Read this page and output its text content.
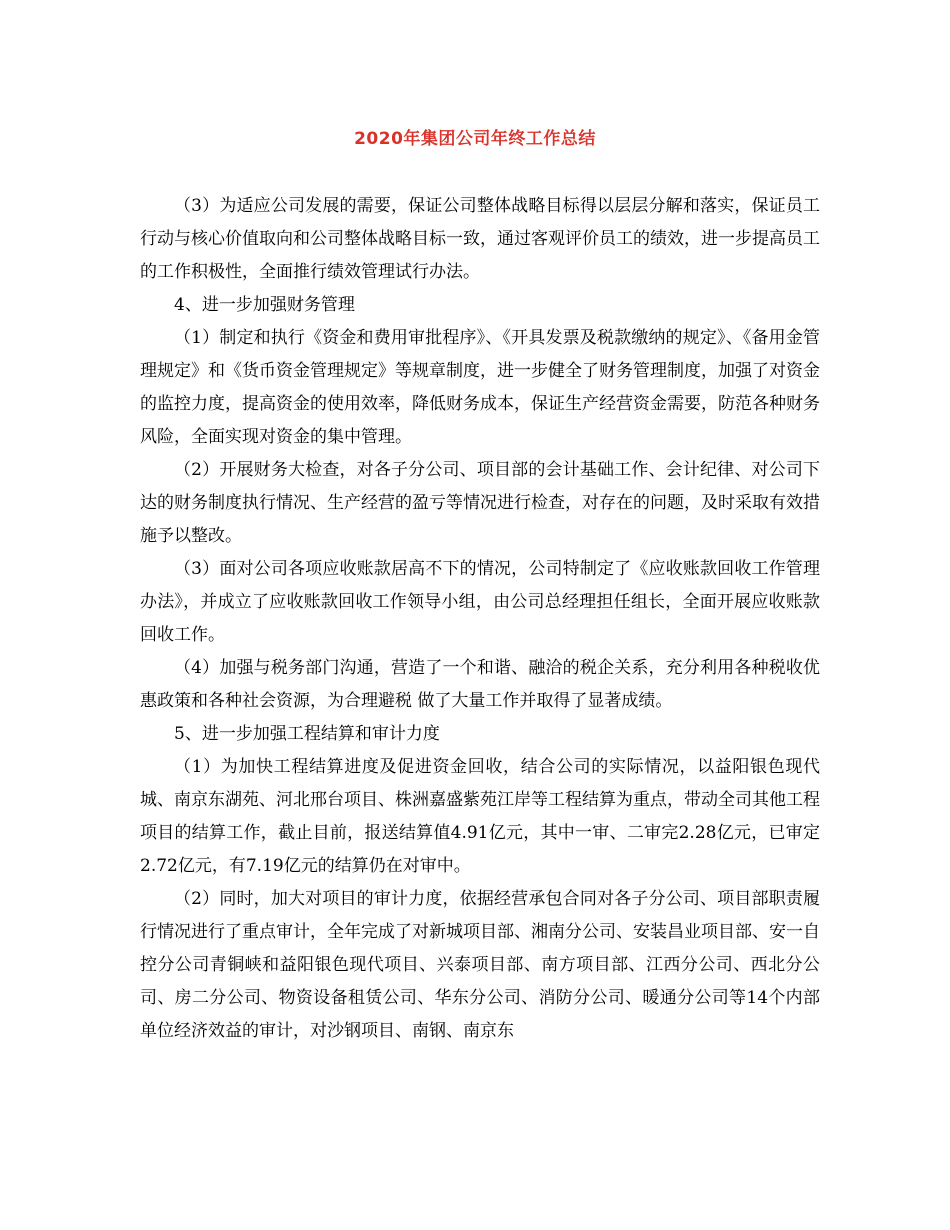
2020年集团公司年终工作总结

（3）为适应公司发展的需要，保证公司整体战略目标得以层层分解和落实，保证员工行动与核心价值取向和公司整体战略目标一致，通过客观评价员工的绩效，进一步提高员工的工作积极性，全面推行绩效管理试行办法。

4、进一步加强财务管理

（1）制定和执行《资金和费用审批程序》、《开具发票及税款缴纳的规定》、《备用金管理规定》和《货币资金管理规定》等规章制度，进一步健全了财务管理制度，加强了对资金的监控力度，提高资金的使用效率，降低财务成本，保证生产经营资金需要，防范各种财务风险，全面实现对资金的集中管理。

（2）开展财务大检查，对各子分公司、项目部的会计基础工作、会计纪律、对公司下达的财务制度执行情况、生产经营的盈亏等情况进行检查，对存在的问题，及时采取有效措施予以整改。

（3）面对公司各项应收账款居高不下的情况，公司特制定了《应收账款回收工作管理办法》，并成立了应收账款回收工作领导小组，由公司总经理担任组长，全面开展应收账款回收工作。

（4）加强与税务部门沟通，营造了一个和谐、融洽的税企关系，充分利用各种税收优惠政策和各种社会资源，为合理避税 做了大量工作并取得了显著成绩。

5、进一步加强工程结算和审计力度

（1）为加快工程结算进度及促进资金回收，结合公司的实际情况，以益阳银色现代城、南京东湖苑、河北邢台项目、株洲嘉盛紫苑江岸等工程结算为重点，带动全司其他工程项目的结算工作，截止目前，报送结算值4.91亿元，其中一审、二审完2.28亿元，已审定2.72亿元，有7.19亿元的结算仍在对审中。

（2）同时，加大对项目的审计力度，依据经营承包合同对各子分公司、项目部职责履行情况进行了重点审计，全年完成了对新城项目部、湘南分公司、安装昌业项目部、安一自控分公司青铜峡和益阳银色现代项目、兴泰项目部、南方项目部、江西分公司、西北分公司、房二分公司、物资设备租赁公司、华东分公司、消防分公司、暖通分公司等14个内部单位经济效益的审计，对沙钢项目、南钢、南京东
